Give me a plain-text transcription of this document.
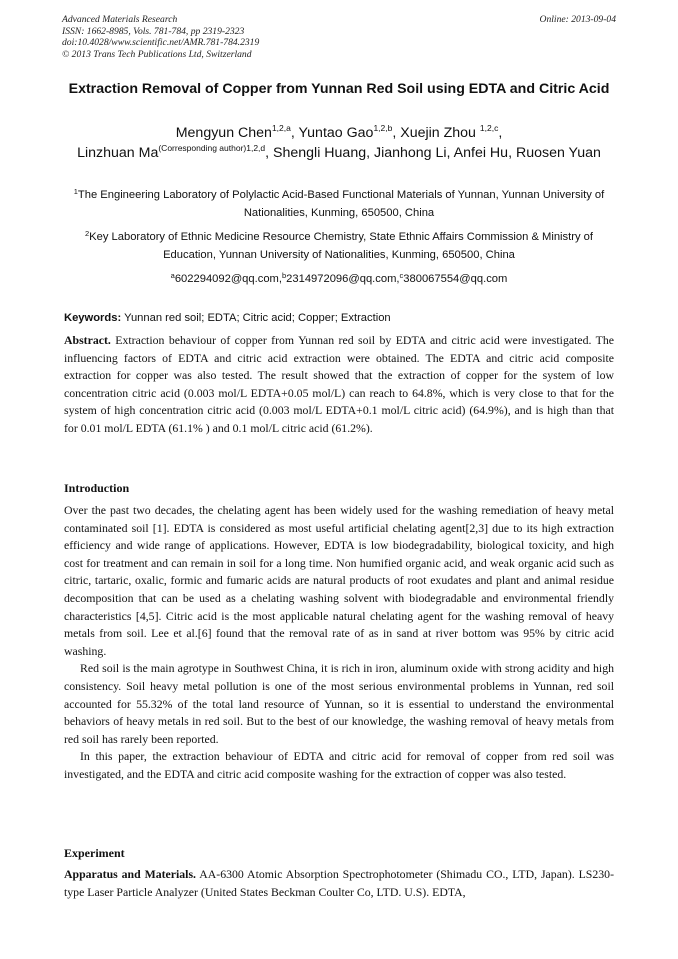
Advanced Materials Research
ISSN: 1662-8985, Vols. 781-784, pp 2319-2323
doi:10.4028/www.scientific.net/AMR.781-784.2319
© 2013 Trans Tech Publications Ltd, Switzerland
Online: 2013-09-04
Extraction Removal of Copper from Yunnan Red Soil using EDTA and Citric Acid
Mengyun Chen$^{1,2,a}$, Yuntao Gao$^{1,2,b}$, Xuejin Zhou $^{1,2,c}$,
Linzhuan $Ma^{(Corresponding author)1,2,d}$, Shengli Huang, Jianhong Li, Anfei Hu, Ruosen Yuan
$^1$The Engineering Laboratory of Polylactic Acid-Based Functional Materials of Yunnan, Yunnan University of Nationalities, Kunming, 650500, China
$^2$Key Laboratory of Ethnic Medicine Resource Chemistry, State Ethnic Affairs Commission & Ministry of Education, Yunnan University of Nationalities, Kunming, 650500, China
$^a$602294092@qq.com,$^b$2314972096@qq.com,$^c$380067554@qq.com
Keywords: Yunnan red soil; EDTA; Citric acid; Copper; Extraction
Abstract. Extraction behaviour of copper from Yunnan red soil by EDTA and citric acid were investigated. The influencing factors of EDTA and citric acid extraction were obtained. The EDTA and citric acid composite extraction for copper was also tested. The result showed that the extraction of copper for the system of low concentration citric acid (0.003 mol/L EDTA+0.05 mol/L) can reach to 64.8%, which is very close to that for the system of high concentration citric acid (0.003 mol/L EDTA+0.1 mol/L citric acid) (64.9%), and is high than that for 0.01 mol/L EDTA (61.1% ) and 0.1 mol/L citric acid (61.2%).
Introduction

Over the past two decades, the chelating agent has been widely used for the washing remediation of heavy metal contaminated soil [1]. EDTA is considered as most useful artificial chelating agent[2,3] due to its high extraction efficiency and wide range of applications. However, EDTA is low biodegradability, biological toxicity, and high cost for treatment and can remain in soil for a long time. Non humified organic acid, and weak organic acid such as citric, tartaric, oxalic, formic and fumaric acids are natural products of root exudates and plant and animal residue decomposition that can be used as a chelating washing solvent with biodegradable and environmental friendly characteristics [4,5]. Citric acid is the most applicable natural chelating agent for the washing removal of heavy metals from soil. Lee et al.[6] found that the removal rate of as in sand at river bottom was 95% by citric acid washing.

Red soil is the main agrotype in Southwest China, it is rich in iron, aluminum oxide with strong acidity and high consistency. Soil heavy metal pollution is one of the most serious environmental problems in Yunnan, red soil accounted for 55.32% of the total land resource of Yunnan, so it is essential to understand the environmental behaviors of heavy metals in red soil. But to the best of our knowledge, the washing removal of heavy metals from red soil has rarely been reported.

In this paper, the extraction behaviour of EDTA and citric acid for removal of copper from red soil was investigated, and the EDTA and citric acid composite washing for the extraction of copper was also tested.

Experiment
Apparatus and Materials. AA-6300 Atomic Absorption Spectrophotometer (Shimadu CO., LTD, Japan). LS230-type Laser Particle Analyzer (United States Beckman Coulter Co, LTD. U.S). EDTA,
